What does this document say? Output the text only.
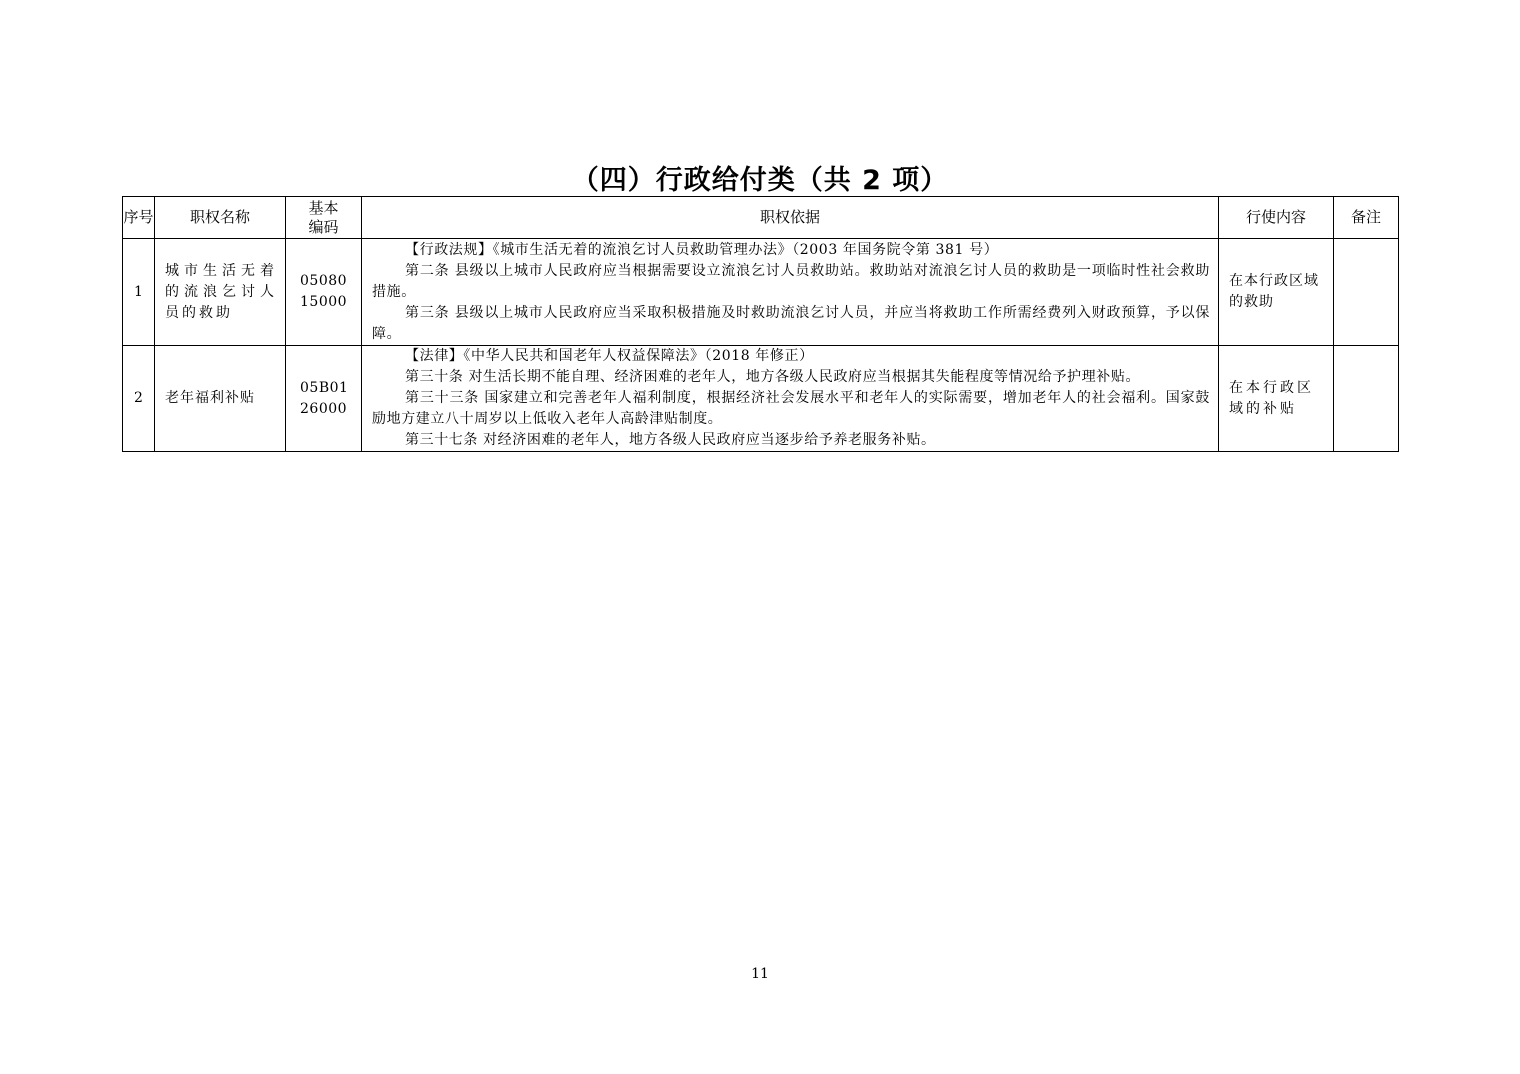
（四）行政给付类（共 2 项）
序号	职权名称	基本编码	职权依据	行使内容	备注
1	城市生活无着的流浪乞讨人员的救助	05080 15000	【行政法规】《城市生活无着的流浪乞讨人员救助管理办法》（2003 年国务院令第 381 号）
第二条 县级以上城市人民政府应当根据需要设立流浪乞讨人员救助站。救助站对流浪乞讨人员的救助是一项临时性社会救助措施。
第三条 县级以上城市人民政府应当采取积极措施及时救助流浪乞讨人员，并应当将救助工作所需经费列入财政预算，予以保障。	在本行政区域的救助	
2	老年福利补贴	05B01 26000	【法律】《中华人民共和国老年人权益保障法》（2018 年修正）
第三十条 对生活长期不能自理、经济困难的老年人，地方各级人民政府应当根据其失能程度等情况给予护理补贴。
第三十三条 国家建立和完善老年人福利制度，根据经济社会发展水平和老年人的实际需要，增加老年人的社会福利。国家鼓励地方建立八十周岁以上低收入老年人高龄津贴制度。
第三十七条 对经济困难的老年人，地方各级人民政府应当逐步给予养老服务补贴。	在本行政区域的补贴	
11
